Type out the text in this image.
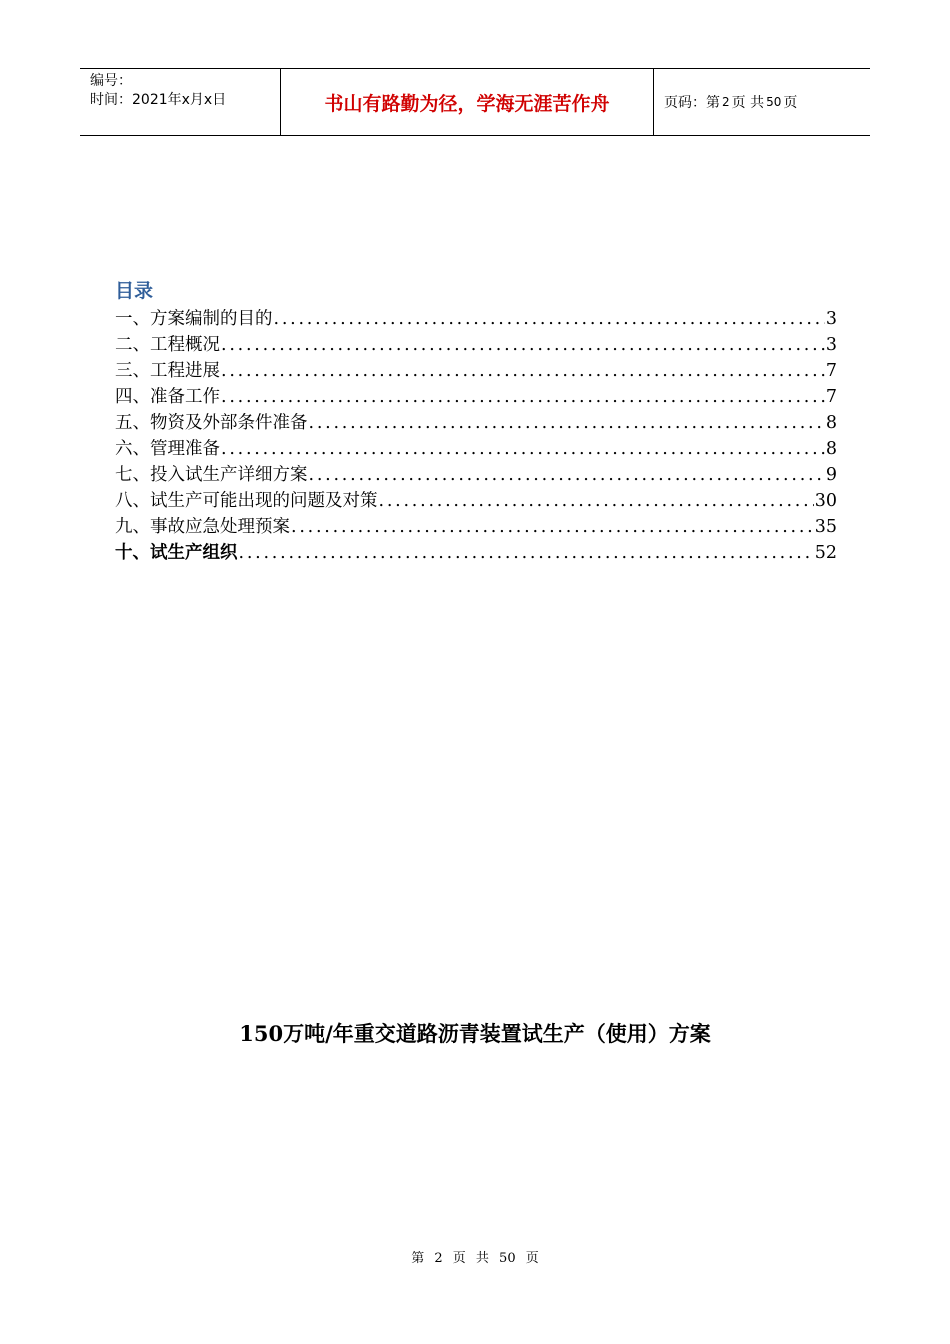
编号：
时间：2021年x月x日	书山有路勤为径，学海无涯苦作舟	页码：第 2 页 共 50 页
目录
一、方案编制的目的 . . .	3
二、工程概况 . . .	3
三、工程进展 . . .	7
四、准备工作 . . .	7
五、物资及外部条件准备 . . .	8
六、管理准备 . . .	8
七、投入试生产详细方案 . . .	9
八、试生产可能出现的问题及对策 . . .	30
九、事故应急处理预案 . . .	35
十、试生产组织 . . .	52
150万吨/年重交道路沥青装置试生产（使用）方案
第 2 页 共 50 页
